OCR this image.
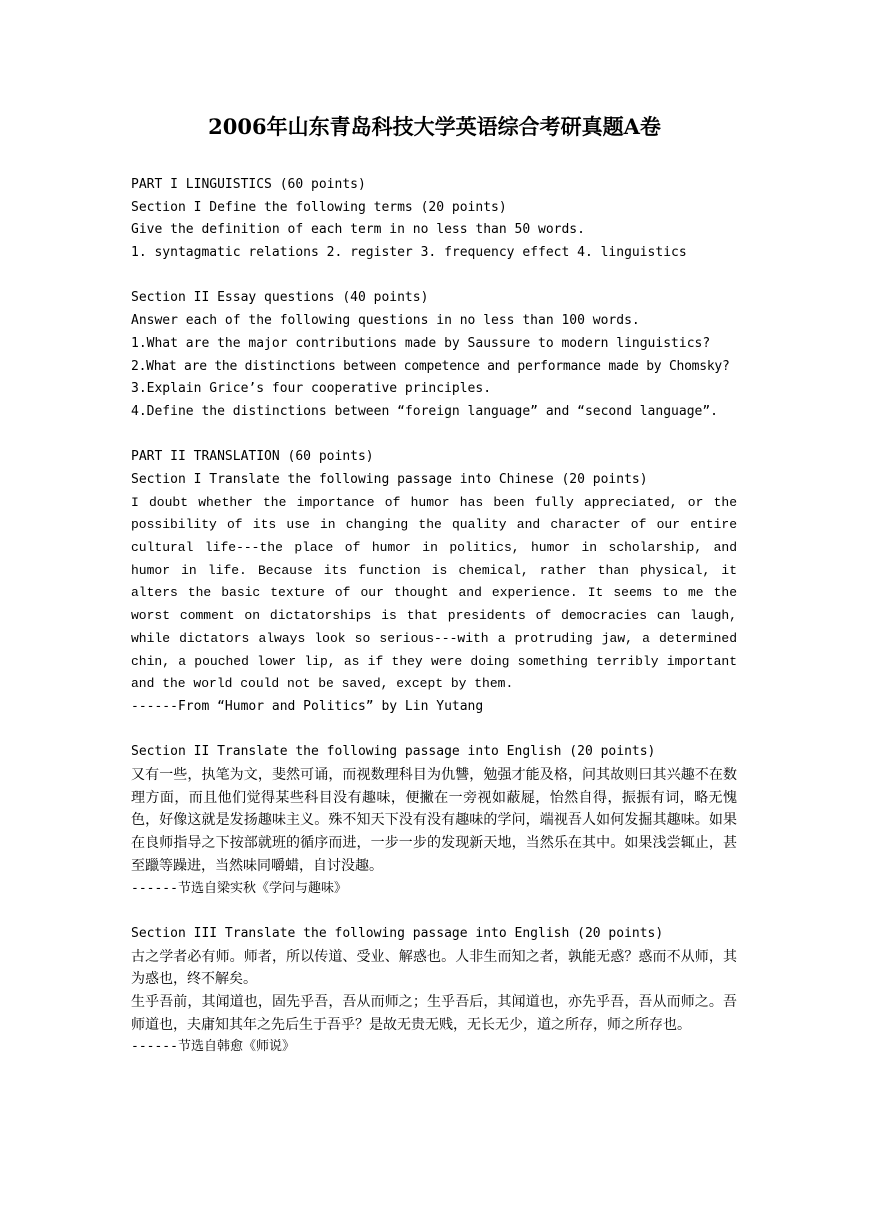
2006年山东青岛科技大学英语综合考研真题A卷
PART I LINGUISTICS (60 points)
Section I Define the following terms (20 points)
Give the definition of each term in no less than 50 words.
1. syntagmatic relations 2. register 3. frequency effect 4. linguistics
Section II Essay questions (40 points)
Answer each of the following questions in no less than 100 words.
1.What are the major contributions made by Saussure to modern linguistics?
2.What are the distinctions between competence and performance made by Chomsky?
3.Explain Grice’s four cooperative principles.
4.Define the distinctions between “foreign language” and “second language”.
PART II TRANSLATION (60 points)
Section I Translate the following passage into Chinese (20 points)
I doubt whether the importance of humor has been fully appreciated, or the possibility of its use in changing the quality and character of our entire cultural life---the place of humor in politics, humor in scholarship, and humor in life. Because its function is chemical, rather than physical, it alters the basic texture of our thought and experience. It seems to me the worst comment on dictatorships is that presidents of democracies can laugh, while dictators always look so serious---with a protruding jaw, a determined chin, a pouched lower lip, as if they were doing something terribly important and the world could not be saved, except by them.
------From “Humor and Politics” by Lin Yutang
Section II Translate the following passage into English (20 points)
又有一些，执笔为文，斐然可诵，而视数理科目为仇讐，勉强才能及格，问其故则曰其兴趣不在数理方面，而且他们觉得某些科目没有趣味，便撇在一旁视如蔽屣，怡然自得，振振有词，略无愧色，好像这就是发扬趣味主义。殊不知天下没有没有趣味的学问，端视吾人如何发掘其趣味。如果在良师指导之下按部就班的循序而进，一步一步的发现新天地，当然乐在其中。如果浅尝辄止，甚至躐等躁进，当然味同嚼蜡，自讨没趣。
------节选自梁实秋《学问与趣味》
Section III Translate the following passage into English (20 points)
古之学者必有师。师者，所以传道、受业、解惑也。人非生而知之者，孰能无惑？惑而不从师，其为惑也，终不解矣。
生乎吾前，其闻道也，固先乎吾，吾从而师之；生乎吾后，其闻道也，亦先乎吾，吾从而师之。吾师道也，夫庸知其年之先后生于吾乎？是故无贵无贱，无长无少，道之所存，师之所存也。
------节选自韩愈《师说》
